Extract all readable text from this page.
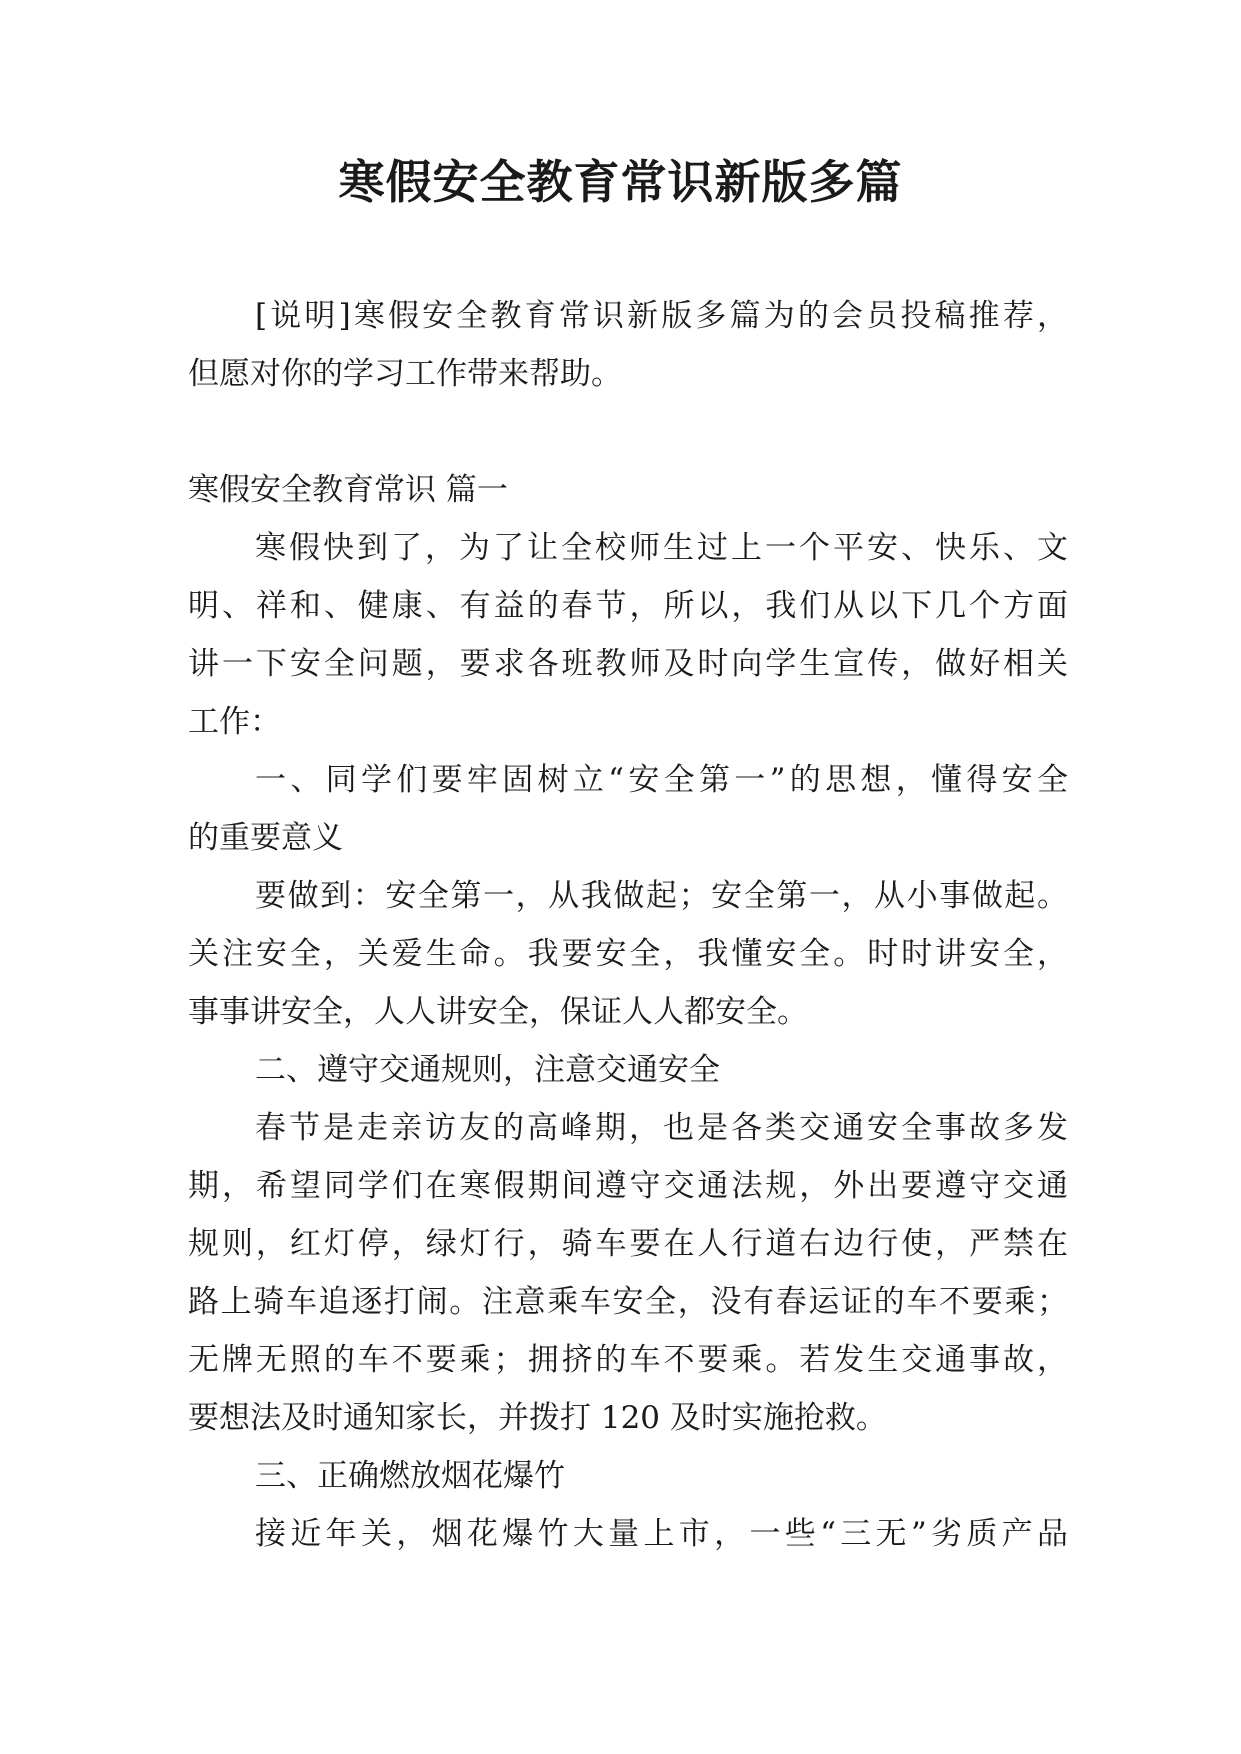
寒假安全教育常识新版多篇
[说明]寒假安全教育常识新版多篇为的会员投稿推荐，
但愿对你的学习工作带来帮助。
寒假安全教育常识 篇一
寒假快到了，为了让全校师生过上一个平安、快乐、文
明、祥和、健康、有益的春节，所以，我们从以下几个方面
讲一下安全问题，要求各班教师及时向学生宣传，做好相关
工作：
一、同学们要牢固树立“安全第一”的思想，懂得安全
的重要意义
要做到：安全第一，从我做起；安全第一，从小事做起。
关注安全，关爱生命。我要安全，我懂安全。时时讲安全，
事事讲安全，人人讲安全，保证人人都安全。
二、遵守交通规则，注意交通安全
春节是走亲访友的高峰期，也是各类交通安全事故多发
期，希望同学们在寒假期间遵守交通法规，外出要遵守交通
规则，红灯停，绿灯行，骑车要在人行道右边行使，严禁在
路上骑车追逐打闹。注意乘车安全，没有春运证的车不要乘；
无牌无照的车不要乘；拥挤的车不要乘。若发生交通事故，
要想法及时通知家长，并拨打 120 及时实施抢救。
三、正确燃放烟花爆竹
接近年关，烟花爆竹大量上市，一些“三无”劣质产品
